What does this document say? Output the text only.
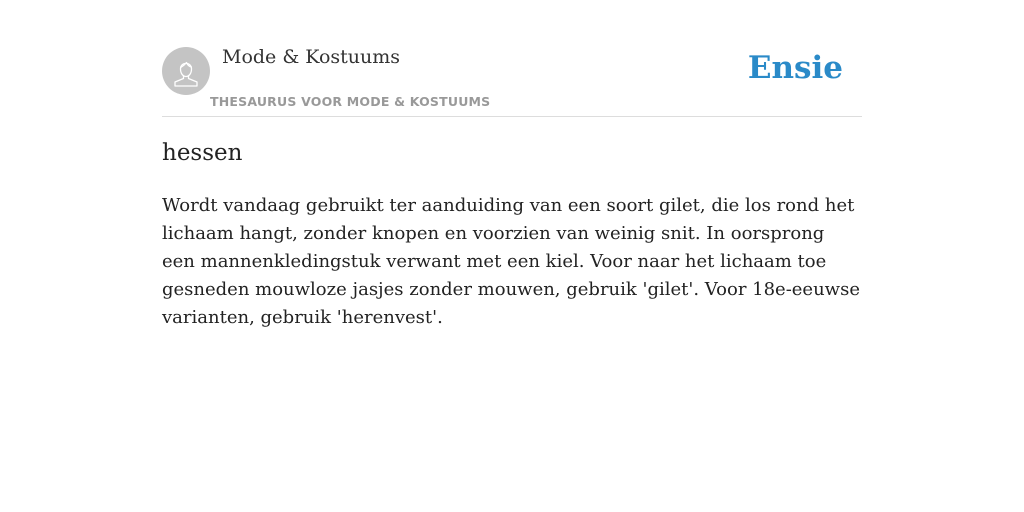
Mode & Kostuums
THESAURUS VOOR MODE & KOSTUUMS
Ensie
hessen

Wordt vandaag gebruikt ter aanduiding van een soort gilet, die los rond het lichaam hangt, zonder knopen en voorzien van weinig snit. In oorsprong een mannenkledingstuk verwant met een kiel. Voor naar het lichaam toe gesneden mouwloze jasjes zonder mouwen, gebruik 'gilet'. Voor 18e-eeuwse varianten, gebruik 'herenvest'.
